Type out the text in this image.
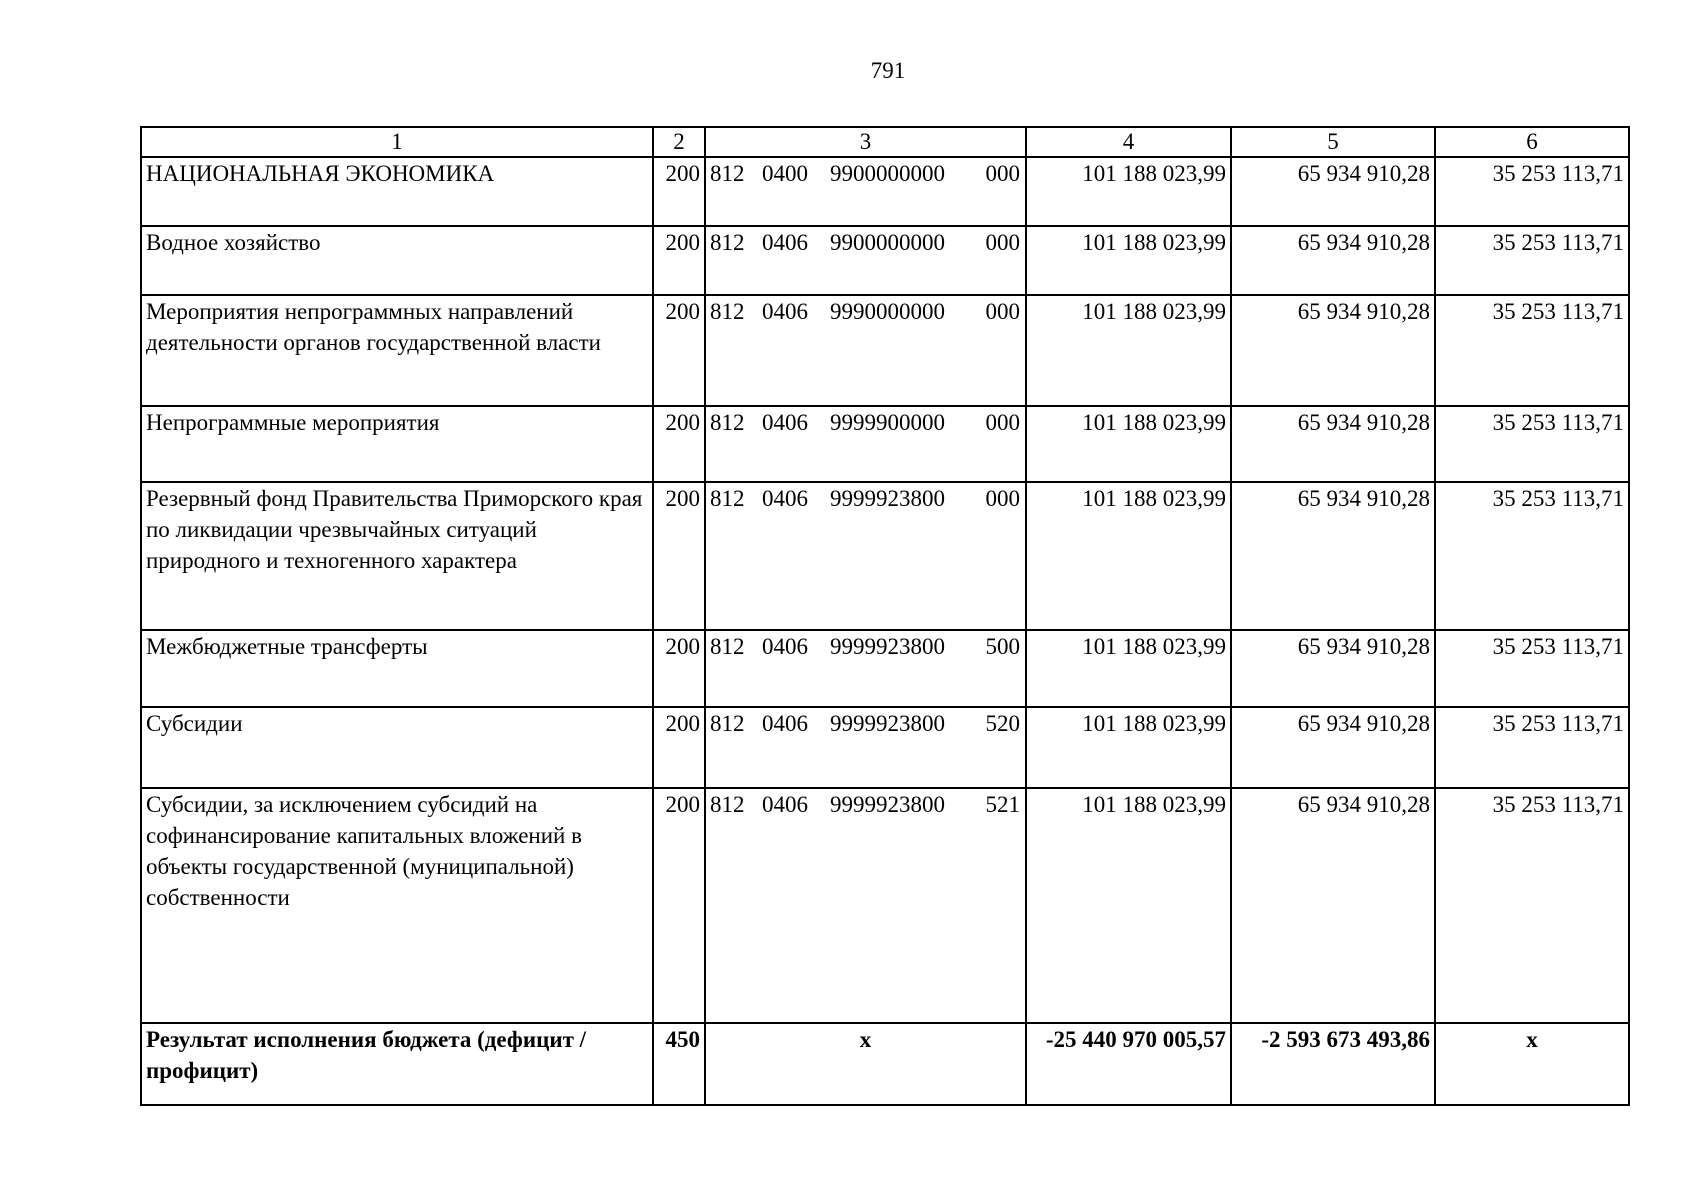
791
1	2	3	4	5	6
НАЦИОНАЛЬНАЯ ЭКОНОМИКА	200	812 0400 9900000000 000	101 188 023,99	65 934 910,28	35 253 113,71
Водное хозяйство	200	812 0406 9900000000 000	101 188 023,99	65 934 910,28	35 253 113,71
Мероприятия непрограммных направлений деятельности органов государственной власти	200	812 0406 9990000000 000	101 188 023,99	65 934 910,28	35 253 113,71
Непрограммные мероприятия	200	812 0406 9999900000 000	101 188 023,99	65 934 910,28	35 253 113,71
Резервный фонд Правительства Приморского края по ликвидации чрезвычайных ситуаций природного и техногенного характера	200	812 0406 9999923800 000	101 188 023,99	65 934 910,28	35 253 113,71
Межбюджетные трансферты	200	812 0406 9999923800 500	101 188 023,99	65 934 910,28	35 253 113,71
Субсидии	200	812 0406 9999923800 520	101 188 023,99	65 934 910,28	35 253 113,71
Субсидии, за исключением субсидий на софинансирование капитальных вложений в объекты государственной (муниципальной) собственности	200	812 0406 9999923800 521	101 188 023,99	65 934 910,28	35 253 113,71
Результат исполнения бюджета (дефицит / профицит)	450	x	-25 440 970 005,57	-2 593 673 493,86	x
